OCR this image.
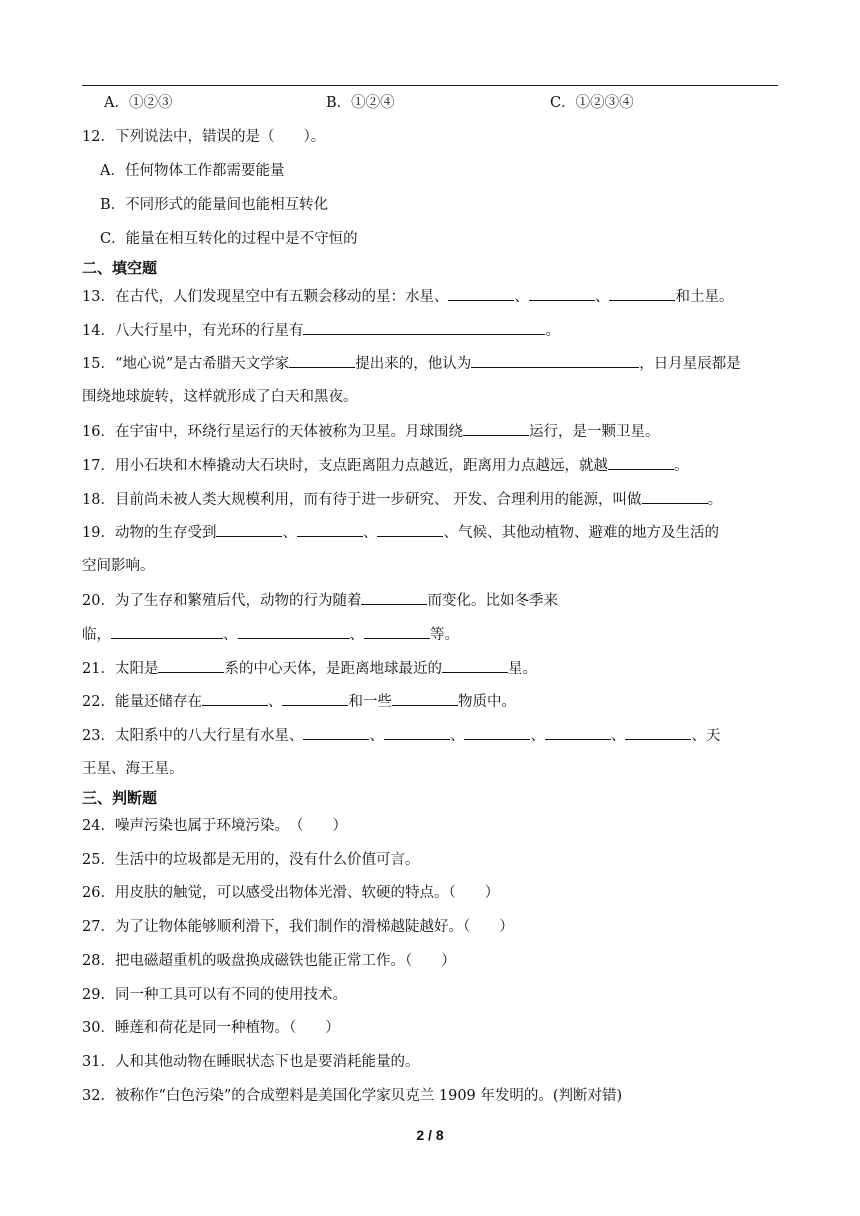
A．①②③	B．①②④	C．①②③④
12．下列说法中，错误的是（　　）。
A．任何物体工作都需要能量
B．不同形式的能量间也能相互转化
C．能量在相互转化的过程中是不守恒的
二、填空题
13．在古代，人们发现星空中有五颗会移动的星：水星、	、	、	和土星。
14．八大行星中，有光环的行星有	。
15．“地心说”是古希腊天文学家	提出来的，他认为	，日月星辰都是
围绕地球旋转，这样就形成了白天和黑夜。
16．在宇宙中，环绕行星运行的天体被称为卫星。月球围绕	运行，是一颗卫星。
17．用小石块和木棒撬动大石块时，支点距离阻力点越近，距离用力点越远，就越	。
18．目前尚未被人类大规模利用，而有待于进一步研究、 开发、合理利用的能源，叫做	。
19．动物的生存受到	、	、	、气候、其他动植物、避难的地方及生活的
空间影响。
20．为了生存和繁殖后代，动物的行为随着	而变化。比如冬季来
临，	、	、	等。
21．太阳是	系的中心天体，是距离地球最近的	星。
22．能量还储存在	、	和一些	物质中。
23．太阳系中的八大行星有水星、	、	、	、	、	、天
王星、海王星。
三、判断题
24．噪声污染也属于环境污染。　（　　）
25．生活中的垃圾都是无用的，没有什么价值可言。
26．用皮肤的触觉，可以感受出物体光滑、软硬的特点。（　　）
27．为了让物体能够顺利滑下，我们制作的滑梯越陡越好。（　　）
28．把电磁超重机的吸盘换成磁铁也能正常工作。（　　）
29．同一种工具可以有不同的使用技术。
30．睡莲和荷花是同一种植物。（　　）
31．人和其他动物在睡眠状态下也是要消耗能量的。
32．被称作“白色污染”的合成塑料是美国化学家贝克兰 1909 年发明的。(判断对错)
2 / 8
